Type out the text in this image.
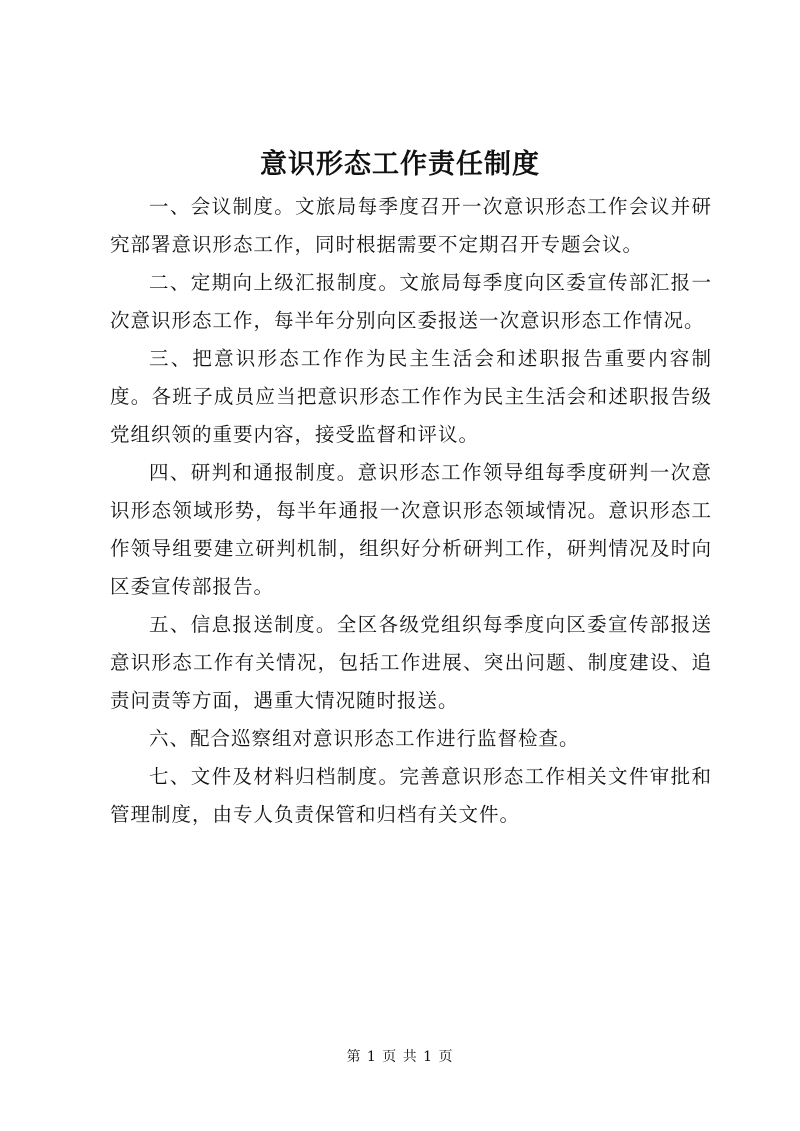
意识形态工作责任制度

一、会议制度。文旅局每季度召开一次意识形态工作会议并研究部署意识形态工作，同时根据需要不定期召开专题会议。

二、定期向上级汇报制度。文旅局每季度向区委宣传部汇报一次意识形态工作，每半年分别向区委报送一次意识形态工作情况。

三、把意识形态工作作为民主生活会和述职报告重要内容制度。各班子成员应当把意识形态工作作为民主生活会和述职报告级党组织领的重要内容，接受监督和评议。

四、研判和通报制度。意识形态工作领导组每季度研判一次意识形态领域形势，每半年通报一次意识形态领域情况。意识形态工作领导组要建立研判机制，组织好分析研判工作，研判情况及时向区委宣传部报告。

五、信息报送制度。全区各级党组织每季度向区委宣传部报送意识形态工作有关情况，包括工作进展、突出问题、制度建设、追责问责等方面，遇重大情况随时报送。

六、配合巡察组对意识形态工作进行监督检查。

七、文件及材料归档制度。完善意识形态工作相关文件审批和管理制度，由专人负责保管和归档有关文件。

第 1 页 共 1 页
